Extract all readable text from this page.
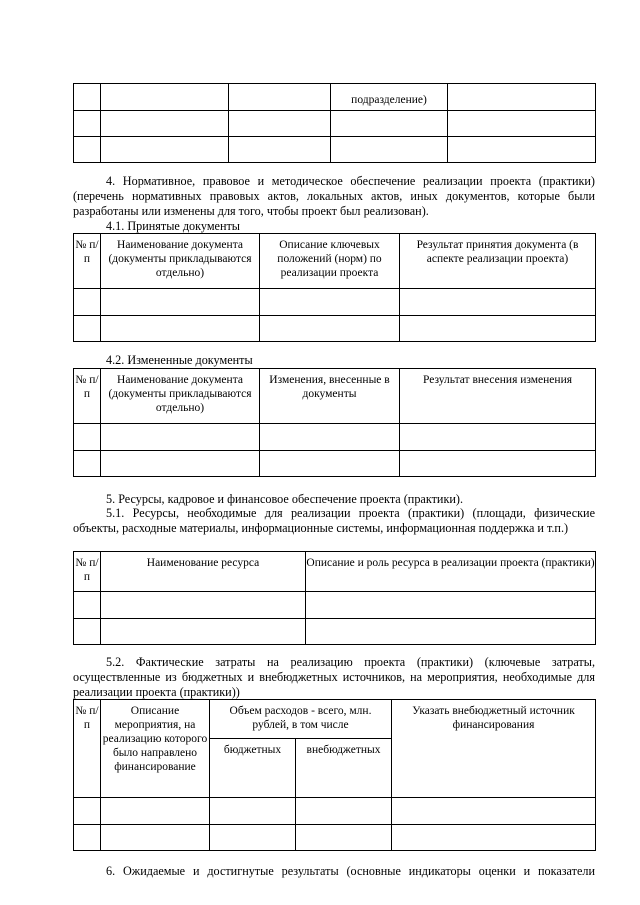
			подразделение)	

4. Нормативное, правовое и методическое обеспечение реализации проекта (практики) (перечень нормативных правовых актов, локальных актов, иных документов, которые были разработаны или изменены для того, чтобы проект был реализован).
4.1. Принятые документы
№ п/п	Наименование документа (документы прикладываются отдельно)	Описание ключевых положений (норм) по реализации проекта	Результат принятия документа (в аспекте реализации проекта)

4.2. Измененные документы
№ п/п	Наименование документа (документы прикладываются отдельно)	Изменения, внесенные в документы	Результат внесения изменения

5. Ресурсы, кадровое и финансовое обеспечение проекта (практики).
5.1. Ресурсы, необходимые для реализации проекта (практики) (площади, физические объекты, расходные материалы, информационные системы, информационная поддержка и т.п.)
№ п/п	Наименование ресурса	Описание и роль ресурса в реализации проекта (практики)

5.2. Фактические затраты на реализацию проекта (практики) (ключевые затраты, осуществленные из бюджетных и внебюджетных источников, на мероприятия, необходимые для реализации проекта (практики))
№ п/п	Описание мероприятия, на реализацию которого было направлено финансирование	Объем расходов - всего, млн. рублей, в том числе		Указать внебюджетный источник финансирования
		бюджетных	внебюджетных	

6. Ожидаемые и достигнутые результаты (основные индикаторы оценки и показатели
